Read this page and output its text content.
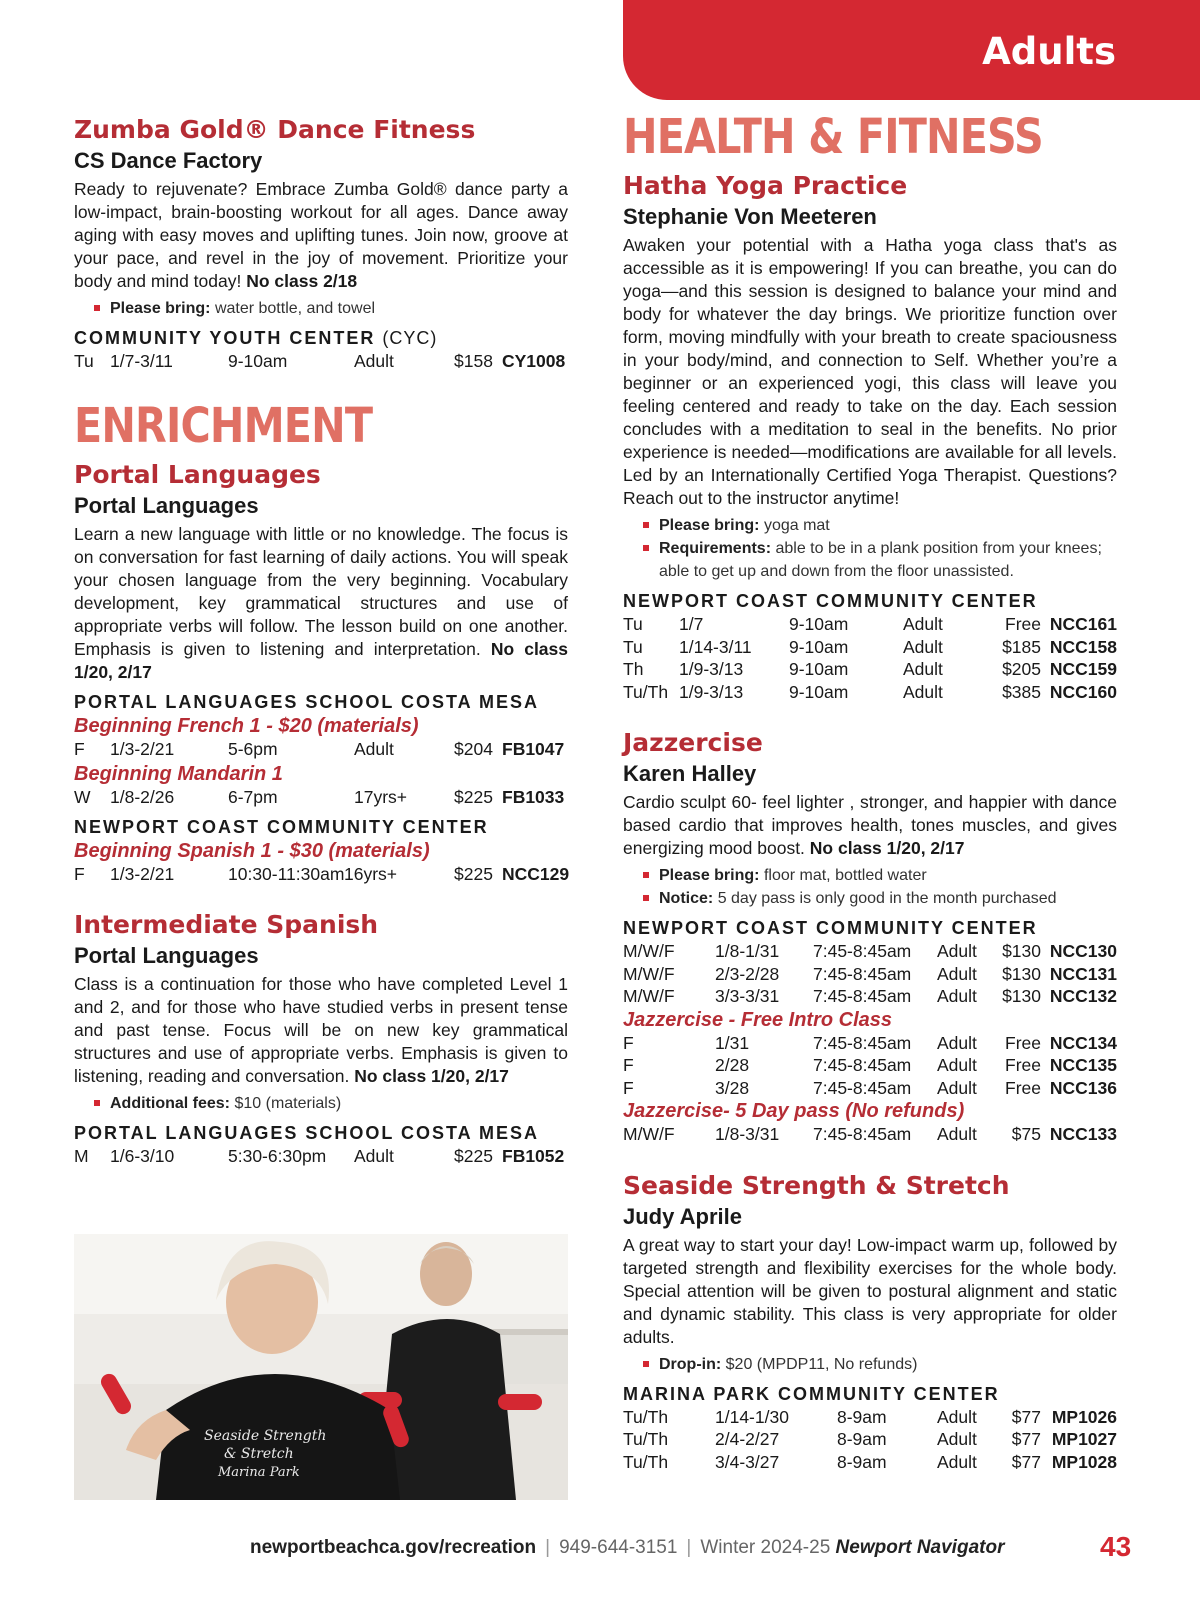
Adults
Zumba Gold® Dance Fitness
CS Dance Factory
Ready to rejuvenate? Embrace Zumba Gold® dance party a low-impact, brain-boosting workout for all ages. Dance away aging with easy moves and uplifting tunes. Join now, groove at your pace, and revel in the joy of movement. Prioritize your body and mind today! No class 2/18
Please bring: water bottle, and towel
COMMUNITY YOUTH CENTER (CYC)
Tu 1/7-3/11	9-10am	Adult	$158 CY1008
ENRICHMENT
Portal Languages
Portal Languages
Learn a new language with little or no knowledge. The focus is on conversation for fast learning of daily actions. You will speak your chosen language from the very beginning. Vocabulary development, key grammatical structures and use of appropriate verbs will follow. The lesson build on one another. Emphasis is given to listening and interpretation. No class 1/20, 2/17
PORTAL LANGUAGES SCHOOL COSTA MESA
Beginning French 1 - $20 (materials)
F 1/3-2/21	5-6pm	Adult	$204 FB1047
Beginning Mandarin 1
W 1/8-2/26	6-7pm	17yrs+	$225 FB1033
NEWPORT COAST COMMUNITY CENTER
Beginning Spanish 1 - $30 (materials)
F 1/3-2/21	10:30-11:30am 16yrs+	$225 NCC129
Intermediate Spanish
Portal Languages
Class is a continuation for those who have completed Level 1 and 2, and for those who have studied verbs in present tense and past tense. Focus will be on new key grammatical structures and use of appropriate verbs. Emphasis is given to listening, reading and conversation. No class 1/20, 2/17
Additional fees: $10 (materials)
PORTAL LANGUAGES SCHOOL COSTA MESA
M 1/6-3/10	5:30-6:30pm Adult	$225 FB1052
Seaside Strength
& Stretch
Marina Park
HEALTH & FITNESS
Hatha Yoga Practice
Stephanie Von Meeteren
Awaken your potential with a Hatha yoga class that's as accessible as it is empowering! If you can breathe, you can do yoga—and this session is designed to balance your mind and body for whatever the day brings. We prioritize function over form, moving mindfully with your breath to create spaciousness in your body/mind, and connection to Self. Whether you’re a beginner or an experienced yogi, this class will leave you feeling centered and ready to take on the day. Each session concludes with a meditation to seal in the benefits. No prior experience is needed—modifications are available for all levels. Led by an Internationally Certified Yoga Therapist. Questions? Reach out to the instructor anytime!
Please bring: yoga mat
Requirements: able to be in a plank position from your knees; able to get up and down from the floor unassisted.
NEWPORT COAST COMMUNITY CENTER
Tu 1/7	9-10am	Adult	Free NCC161
Tu 1/14-3/11 9-10am	Adult	$185 NCC158
Th 1/9-3/13	9-10am	Adult	$205 NCC159
Tu/Th 1/9-3/13	9-10am	Adult	$385 NCC160
Jazzercise
Karen Halley
Cardio sculpt 60- feel lighter , stronger, and happier with dance based cardio that improves health, tones muscles, and gives energizing mood boost. No class 1/20, 2/17
Please bring: floor mat, bottled water
Notice: 5 day pass is only good in the month purchased
NEWPORT COAST COMMUNITY CENTER
M/W/F 1/8-1/31 7:45-8:45am Adult $130 NCC130
M/W/F 2/3-2/28 7:45-8:45am Adult $130 NCC131
M/W/F 3/3-3/31 7:45-8:45am Adult $130 NCC132
Jazzercise - Free Intro Class
F	1/31	7:45-8:45am Adult Free NCC134
F	2/28	7:45-8:45am Adult Free NCC135
F	3/28	7:45-8:45am Adult Free NCC136
Jazzercise- 5 Day pass (No refunds)
M/W/F 1/8-3/31 7:45-8:45am Adult $75 NCC133
Seaside Strength & Stretch
Judy Aprile
A great way to start your day! Low-impact warm up, followed by targeted strength and flexibility exercises for the whole body. Special attention will be given to postural alignment and static and dynamic stability. This class is very appropriate for older adults.
Drop-in: $20 (MPDP11, No refunds)
MARINA PARK COMMUNITY CENTER
Tu/Th	1/14-1/30	8-9am	Adult $77 MP1026
Tu/Th	2/4-2/27	8-9am	Adult $77 MP1027
Tu/Th	3/4-3/27	8-9am	Adult $77 MP1028
newportbeachca.gov/recreation | 949-644-3151 | Winter 2024-25 Newport Navigator	43
